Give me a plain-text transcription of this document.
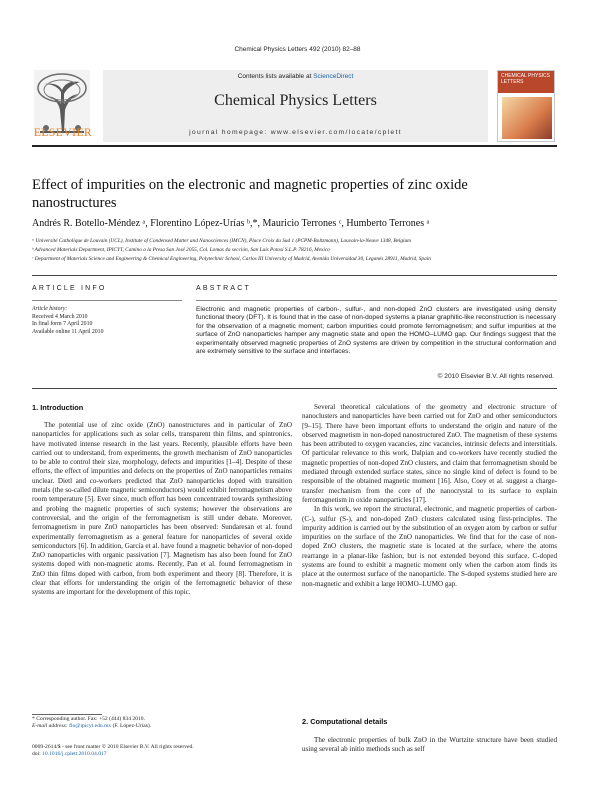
Chemical Physics Letters 492 (2010) 82–88
ELSEVIER
Contents lists available at ScienceDirect
Chemical Physics Letters
journal homepage: www.elsevier.com/locate/cplett
CHEMICAL PHYSICS LETTERS
Effect of impurities on the electronic and magnetic properties of zinc oxide nanostructures
Andrés R. Botello-Méndez ᵃ, Florentino López-Urías ᵇ,*, Mauricio Terrones ᶜ, Humberto Terrones ᵃ
ᵃ Université Catholique de Louvain (UCL), Institute of Condensed Matter and Nanosciences (IMCN), Place Croix du Sud 1 (PCPM-Boltzmann), Louvain-la-Neuve 1348, Belgium
ᵇ Advanced Materials Department, IPICYT, Camino a la Presa San José 2055, Col. Lomas 4a sección, San Luis Potosí S.L.P. 78216, Mexico
ᶜ Department of Materials Science and Engineering & Chemical Engineering, Polytechnic School, Carlos III University of Madrid, Avenida Universidad 30, Leganés 28911, Madrid, Spain
ARTICLE INFO
Article history:
Received 4 March 2010
In final form 7 April 2010
Available online 11 April 2010
ABSTRACT
Electronic and magnetic properties of carbon-, sulfur-, and non-doped ZnO clusters are investigated using density functional theory (DFT). It is found that in the case of non-doped systems a planar graphitic-like reconstruction is necessary for the observation of a magnetic moment; carbon impurities could promote ferromagnetism; and sulfur impurities at the surface of ZnO nanoparticles hamper any magnetic state and open the HOMO–LUMO gap. Our findings suggest that the experimentally observed magnetic properties of ZnO systems are driven by competition in the structural conformation and are extremely sensitive to the surface and interfaces.
© 2010 Elsevier B.V. All rights reserved.
1. Introduction

The potential use of zinc oxide (ZnO) nanostructures and in particular of ZnO nanoparticles for applications such as solar cells, transparent thin films, and spintronics, have motivated intense research in the last years. Recently, plausible efforts have been carried out to understand, from experiments, the growth mechanism of ZnO nanoparticles to be able to control their size, morphology, defects and impurities [1–4]. Despite of these efforts, the effect of impurities and defects on the properties of ZnO nanoparticles remains unclear. Dietl and co-workers predicted that ZnO nanoparticles doped with transition metals (the so-called dilute magnetic semiconductors) would exhibit ferromagnetism above room temperature [5]. Ever since, much effort has been concentrated towards synthesizing and probing the magnetic properties of such systems; however the observations are controversial, and the origin of the ferromagnetism is still under debate. Moreover, ferromagnetism in pure ZnO nanoparticles has been observed: Sundaresan et al. found experimentally ferromagnetism as a general feature for nanoparticles of several oxide semiconductors [6]. In addition, García et al. have found a magnetic behavior of non-doped ZnO nanoparticles with organic passivation [7]. Magnetism has also been found for ZnO systems doped with non-magnetic atoms. Recently, Pan et al. found ferromagnetism in ZnO thin films doped with carbon, from both experiment and theory [8]. Therefore, it is clear that efforts for understanding the origin of the ferromagnetic behavior of these systems are important for the development of this topic.

Several theoretical calculations of the geometry and electronic structure of nanoclusters and nanoparticles have been carried out for ZnO and other semiconductors [9–15]. There have been important efforts to understand the origin and nature of the observed magnetism in non-doped nanostructured ZnO. The magnetism of these systems has been attributed to oxygen vacancies, zinc vacancies, intrinsic defects and interstitials. Of particular relevance to this work, Dalpian and co-workers have recently studied the magnetic properties of non-doped ZnO clusters, and claim that ferromagnetism should be mediated through extended surface states, since no single kind of defect is found to be responsible of the obtained magnetic moment [16]. Also, Coey et al. suggest a charge-transfer mechanism from the core of the nanocrystal to its surface to explain ferromagnetism in oxide nanoparticles [17].

In this work, we report the structural, electronic, and magnetic properties of carbon- (C-), sulfur (S-), and non-doped ZnO clusters calculated using first-principles. The impurity addition is carried out by the substitution of an oxygen atom by carbon or sulfur impurities on the surface of the ZnO nanoparticles. We find that for the case of non-doped ZnO clusters, the magnetic state is located at the surface, where the atoms rearrange in a planar-like fashion, but is not extended beyond this surface. C-doped systems are found to exhibit a magnetic moment only when the carbon atom finds its place at the outermost surface of the nanoparticle. The S-doped systems studied here are non-magnetic and exhibit a large HOMO–LUMO gap.

2. Computational details

The electronic properties of bulk ZnO in the Wurtzite structure have been studied using several ab initio methods such as self

* Corresponding author. Fax: +52 (444) 834 2010.
E-mail address: flo@ipicyt.edu.mx (F. López-Urías).
0009-2614/$ - see front matter © 2010 Elsevier B.V. All rights reserved.
doi: 10.1016/j.cplett.2010.04.017
